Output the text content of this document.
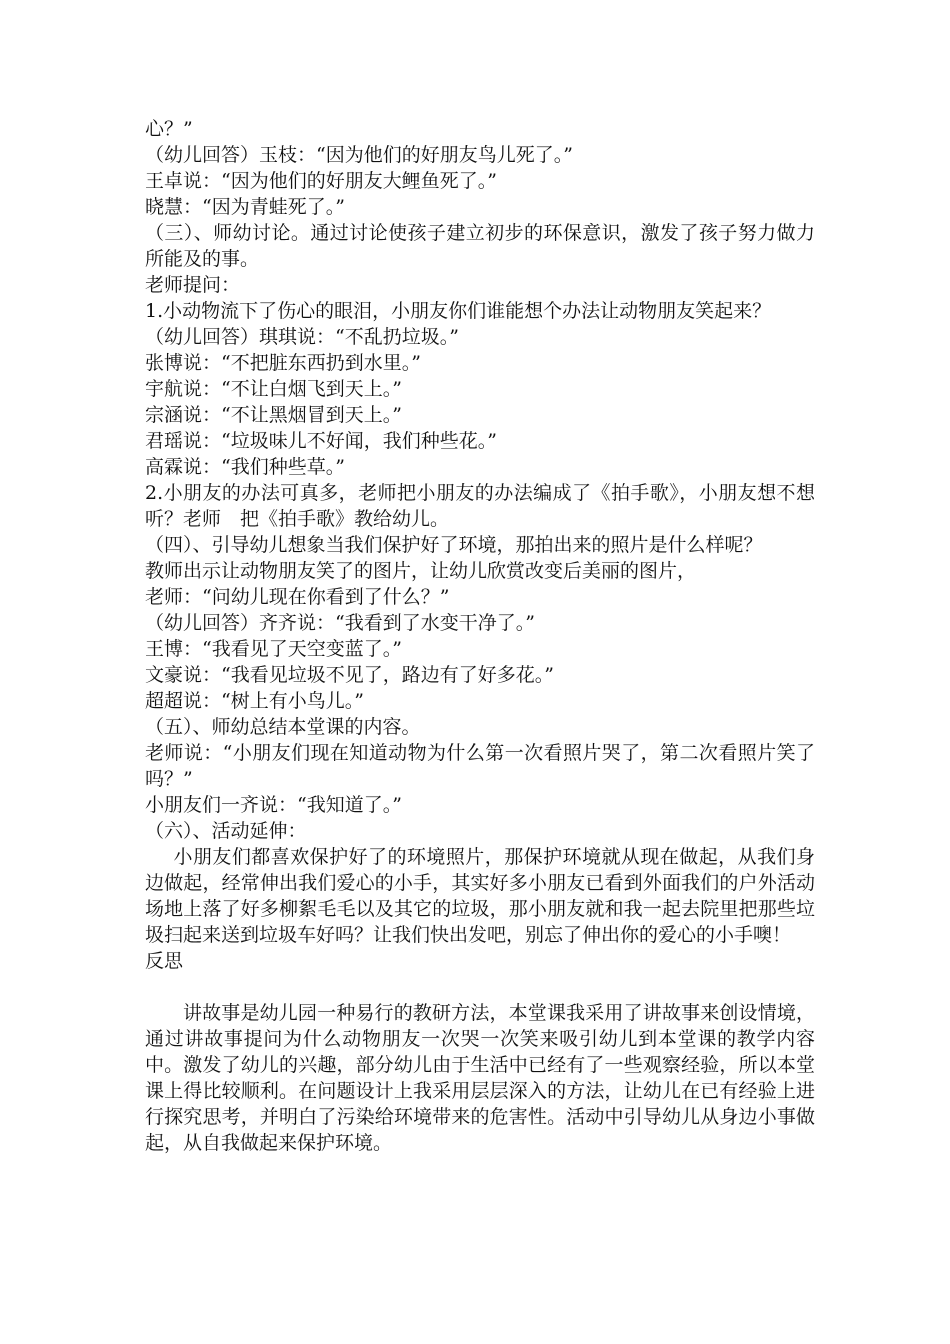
心？”

（幼儿回答）玉枝：“因为他们的好朋友鸟儿死了。”

王卓说：“因为他们的好朋友大鲤鱼死了。”

晓慧：“因为青蛙死了。”

（三）、师幼讨论。通过讨论使孩子建立初步的环保意识，激发了孩子努力做力所能及的事。

老师提问：

1.小动物流下了伤心的眼泪，小朋友你们谁能想个办法让动物朋友笑起来？

（幼儿回答）琪琪说：“不乱扔垃圾。”

张博说：“不把脏东西扔到水里。”

宇航说：“不让白烟飞到天上。”

宗涵说：“不让黑烟冒到天上。”

君瑶说：“垃圾味儿不好闻，我们种些花。”

高霖说：“我们种些草。”

2.小朋友的办法可真多，老师把小朋友的办法编成了《拍手歌》，小朋友想不想听？老师　把《拍手歌》教给幼儿。

（四）、引导幼儿想象当我们保护好了环境，那拍出来的照片是什么样呢？

教师出示让动物朋友笑了的图片，让幼儿欣赏改变后美丽的图片，

老师：“问幼儿现在你看到了什么？”

（幼儿回答）齐齐说：“我看到了水变干净了。”

王博：“我看见了天空变蓝了。”

文豪说：“我看见垃圾不见了，路边有了好多花。”

超超说：“树上有小鸟儿。”

（五）、师幼总结本堂课的内容。

老师说：“小朋友们现在知道动物为什么第一次看照片哭了，第二次看照片笑了吗？”

小朋友们一齐说：“我知道了。”

（六）、活动延伸：

小朋友们都喜欢保护好了的环境照片，那保护环境就从现在做起，从我们身边做起，经常伸出我们爱心的小手，其实好多小朋友已看到外面我们的户外活动场地上落了好多柳絮毛毛以及其它的垃圾，那小朋友就和我一起去院里把那些垃圾扫起来送到垃圾车好吗？让我们快出发吧，别忘了伸出你的爱心的小手噢！

反思

讲故事是幼儿园一种易行的教研方法，本堂课我采用了讲故事来创设情境，通过讲故事提问为什么动物朋友一次哭一次笑来吸引幼儿到本堂课的教学内容中。激发了幼儿的兴趣，部分幼儿由于生活中已经有了一些观察经验，所以本堂课上得比较顺利。在问题设计上我采用层层深入的方法，让幼儿在已有经验上进行探究思考，并明白了污染给环境带来的危害性。活动中引导幼儿从身边小事做起，从自我做起来保护环境。
